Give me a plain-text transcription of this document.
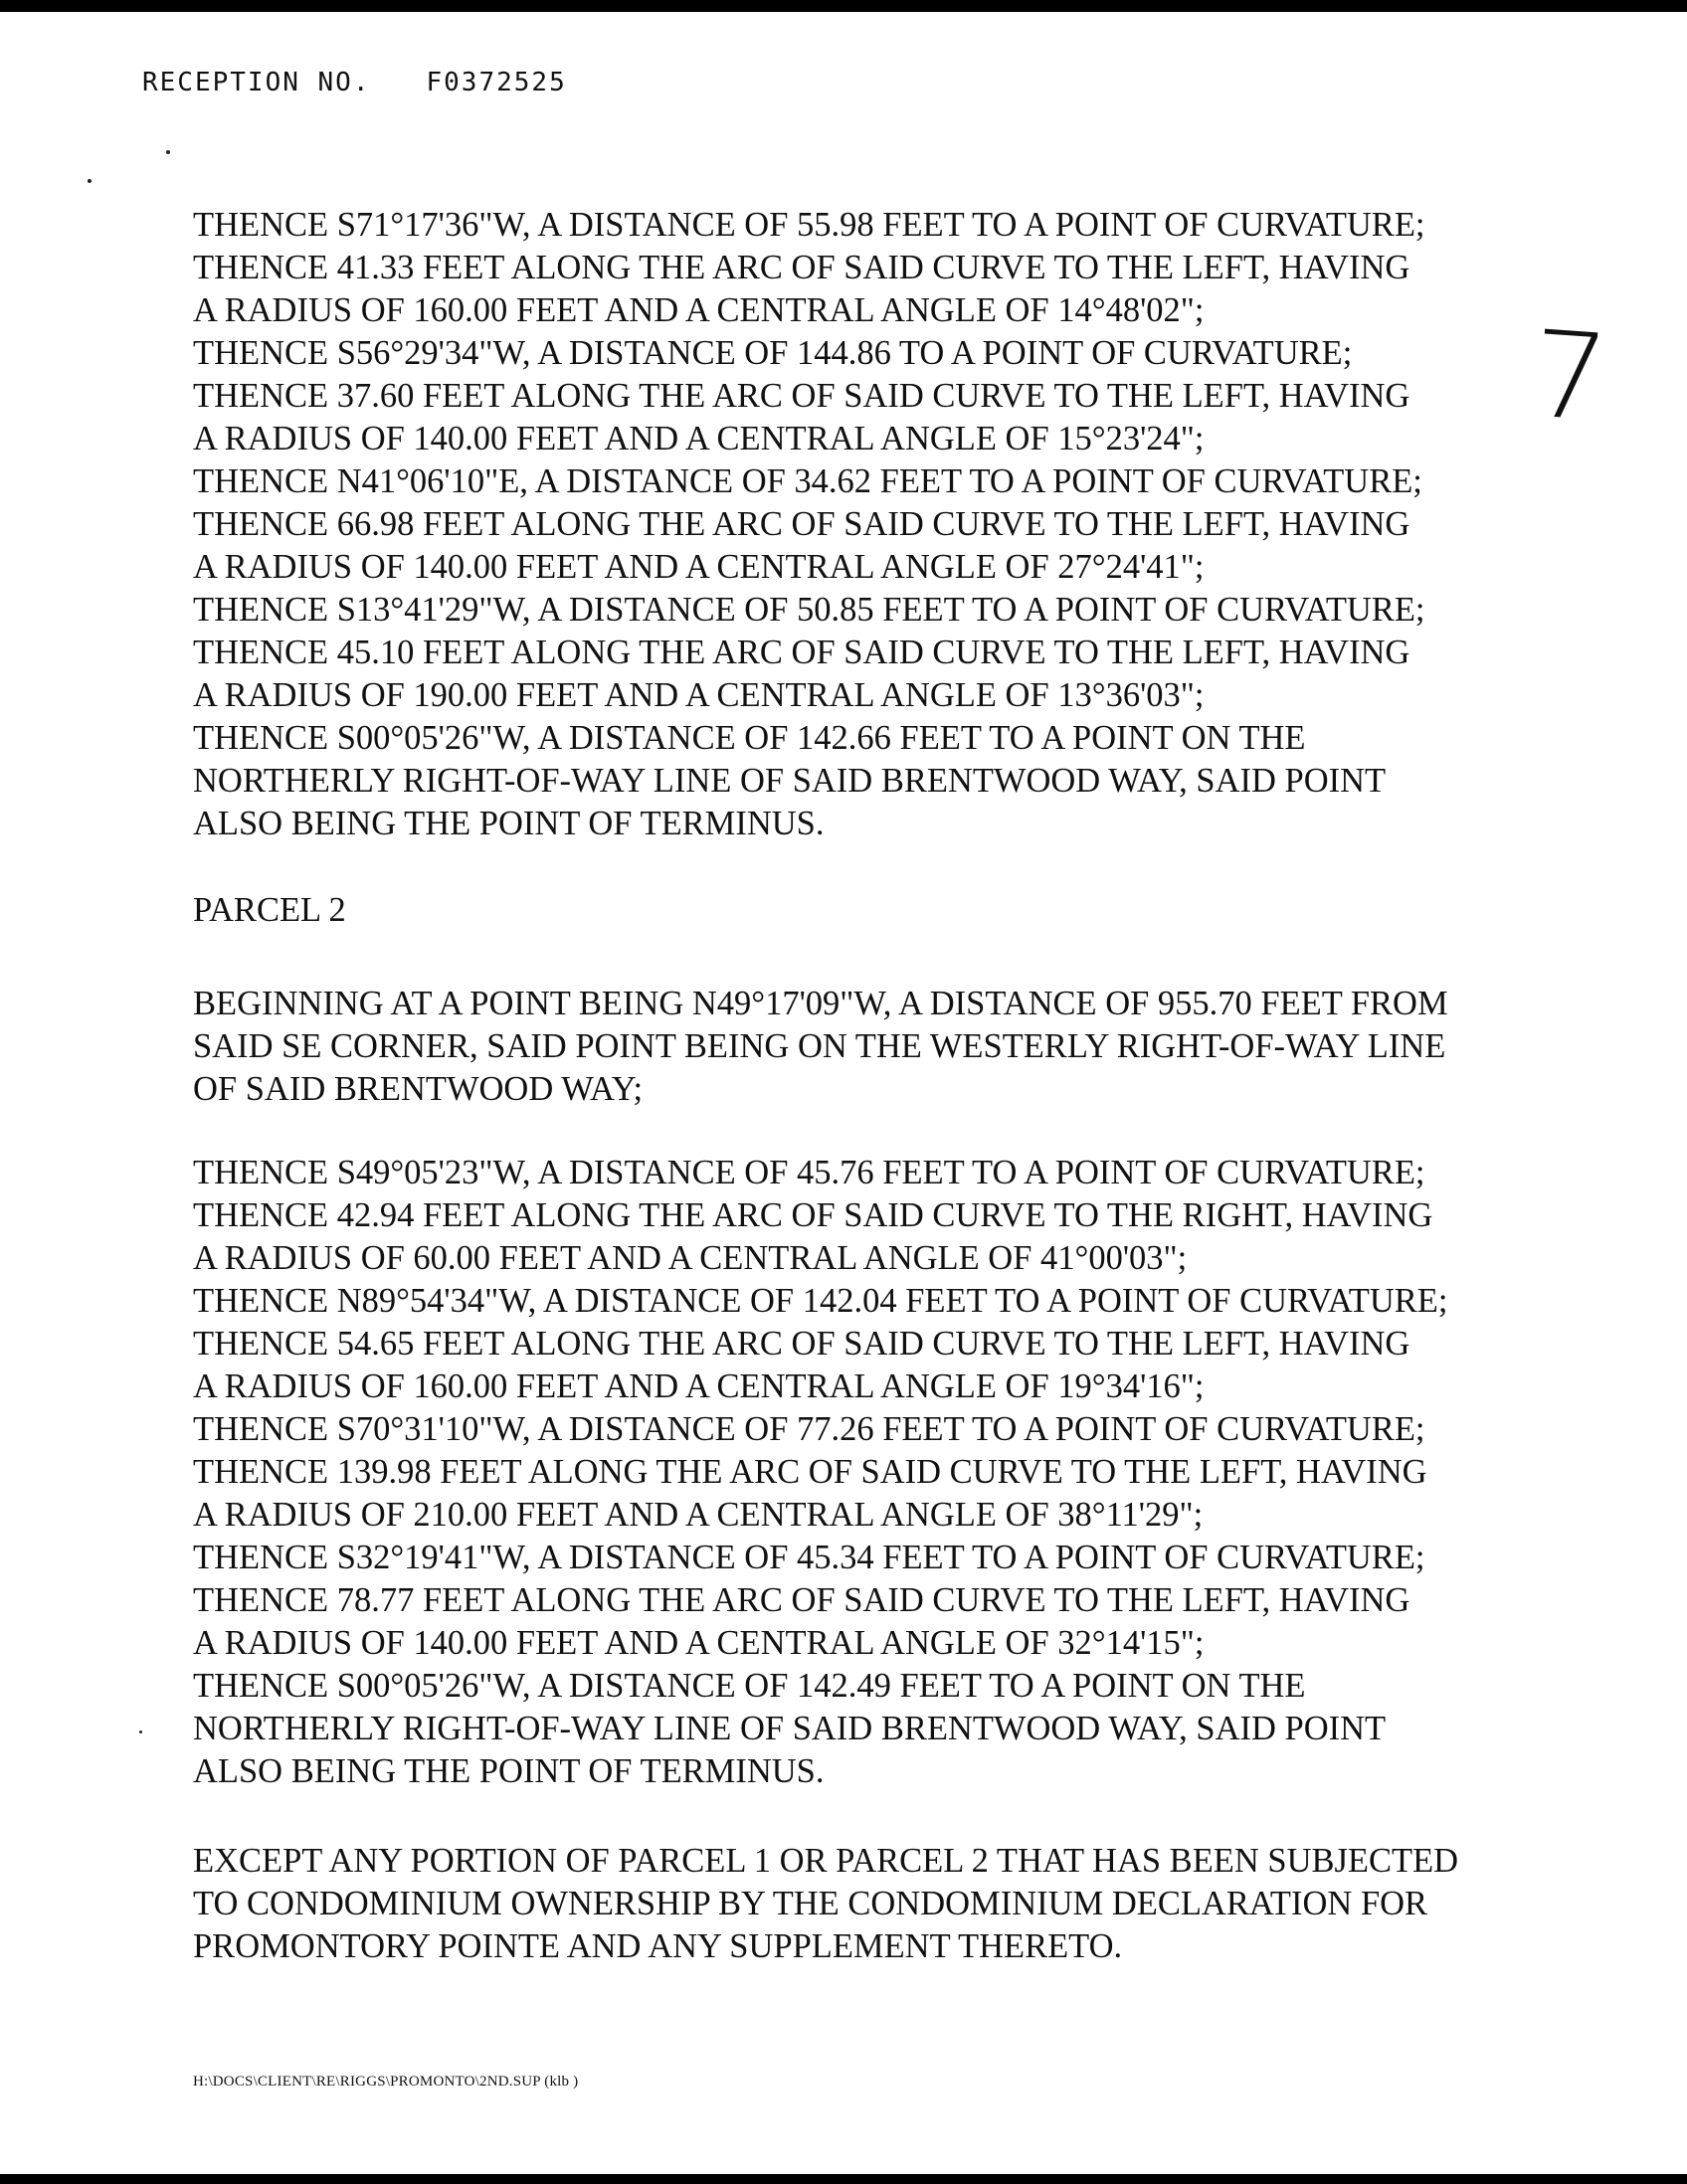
RECEPTION NO. F0372525
7
THENCE S71°17'36"W, A DISTANCE OF 55.98 FEET TO A POINT OF CURVATURE;
THENCE 41.33 FEET ALONG THE ARC OF SAID CURVE TO THE LEFT, HAVING
A RADIUS OF 160.00 FEET AND A CENTRAL ANGLE OF 14°48'02";
THENCE S56°29'34"W, A DISTANCE OF 144.86 TO A POINT OF CURVATURE;
THENCE 37.60 FEET ALONG THE ARC OF SAID CURVE TO THE LEFT, HAVING
A RADIUS OF 140.00 FEET AND A CENTRAL ANGLE OF 15°23'24";
THENCE N41°06'10"E, A DISTANCE OF 34.62 FEET TO A POINT OF CURVATURE;
THENCE 66.98 FEET ALONG THE ARC OF SAID CURVE TO THE LEFT, HAVING
A RADIUS OF 140.00 FEET AND A CENTRAL ANGLE OF 27°24'41";
THENCE S13°41'29"W, A DISTANCE OF 50.85 FEET TO A POINT OF CURVATURE;
THENCE 45.10 FEET ALONG THE ARC OF SAID CURVE TO THE LEFT, HAVING
A RADIUS OF 190.00 FEET AND A CENTRAL ANGLE OF 13°36'03";
THENCE S00°05'26"W, A DISTANCE OF 142.66 FEET TO A POINT ON THE
NORTHERLY RIGHT-OF-WAY LINE OF SAID BRENTWOOD WAY, SAID POINT
ALSO BEING THE POINT OF TERMINUS.
PARCEL 2
BEGINNING AT A POINT BEING N49°17'09"W, A DISTANCE OF 955.70 FEET FROM
SAID SE CORNER, SAID POINT BEING ON THE WESTERLY RIGHT-OF-WAY LINE
OF SAID BRENTWOOD WAY;
THENCE S49°05'23"W, A DISTANCE OF 45.76 FEET TO A POINT OF CURVATURE;
THENCE 42.94 FEET ALONG THE ARC OF SAID CURVE TO THE RIGHT, HAVING
A RADIUS OF 60.00 FEET AND A CENTRAL ANGLE OF 41°00'03";
THENCE N89°54'34"W, A DISTANCE OF 142.04 FEET TO A POINT OF CURVATURE;
THENCE 54.65 FEET ALONG THE ARC OF SAID CURVE TO THE LEFT, HAVING
A RADIUS OF 160.00 FEET AND A CENTRAL ANGLE OF 19°34'16";
THENCE S70°31'10"W, A DISTANCE OF 77.26 FEET TO A POINT OF CURVATURE;
THENCE 139.98 FEET ALONG THE ARC OF SAID CURVE TO THE LEFT, HAVING
A RADIUS OF 210.00 FEET AND A CENTRAL ANGLE OF 38°11'29";
THENCE S32°19'41"W, A DISTANCE OF 45.34 FEET TO A POINT OF CURVATURE;
THENCE 78.77 FEET ALONG THE ARC OF SAID CURVE TO THE LEFT, HAVING
A RADIUS OF 140.00 FEET AND A CENTRAL ANGLE OF 32°14'15";
THENCE S00°05'26"W, A DISTANCE OF 142.49 FEET TO A POINT ON THE
NORTHERLY RIGHT-OF-WAY LINE OF SAID BRENTWOOD WAY, SAID POINT
ALSO BEING THE POINT OF TERMINUS.
EXCEPT ANY PORTION OF PARCEL 1 OR PARCEL 2 THAT HAS BEEN SUBJECTED
TO CONDOMINIUM OWNERSHIP BY THE CONDOMINIUM DECLARATION FOR
PROMONTORY POINTE AND ANY SUPPLEMENT THERETO.
H:\DOCS\CLIENT\RE\RIGGS\PROMONTO\2ND.SUP (klb )
